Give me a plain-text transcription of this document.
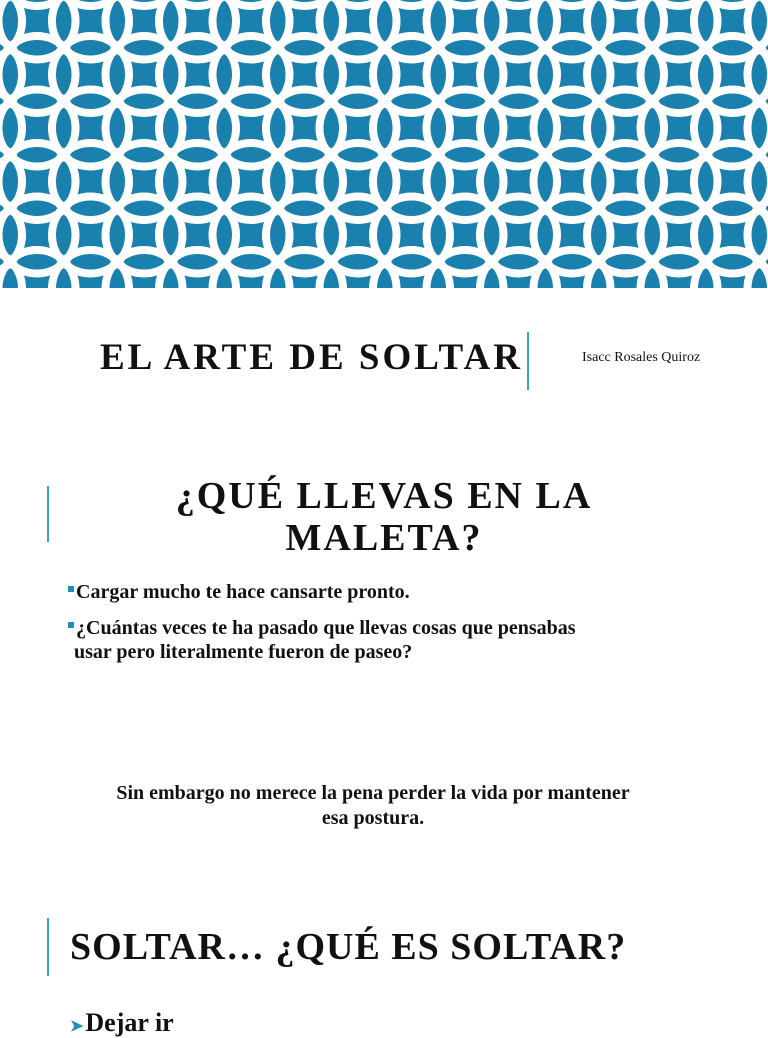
EL ARTE DE SOLTAR	Isacc Rosales Quiroz
¿QUÉ LLEVAS EN LA
MALETA?
Cargar mucho te hace cansarte pronto.
¿Cuántas veces te ha pasado que llevas cosas que pensabas
usar pero literalmente fueron de paseo?
Sin embargo no merece la pena perder la vida por mantener
esa postura.
SOLTAR… ¿QUÉ ES SOLTAR?
➤Dejar ir
